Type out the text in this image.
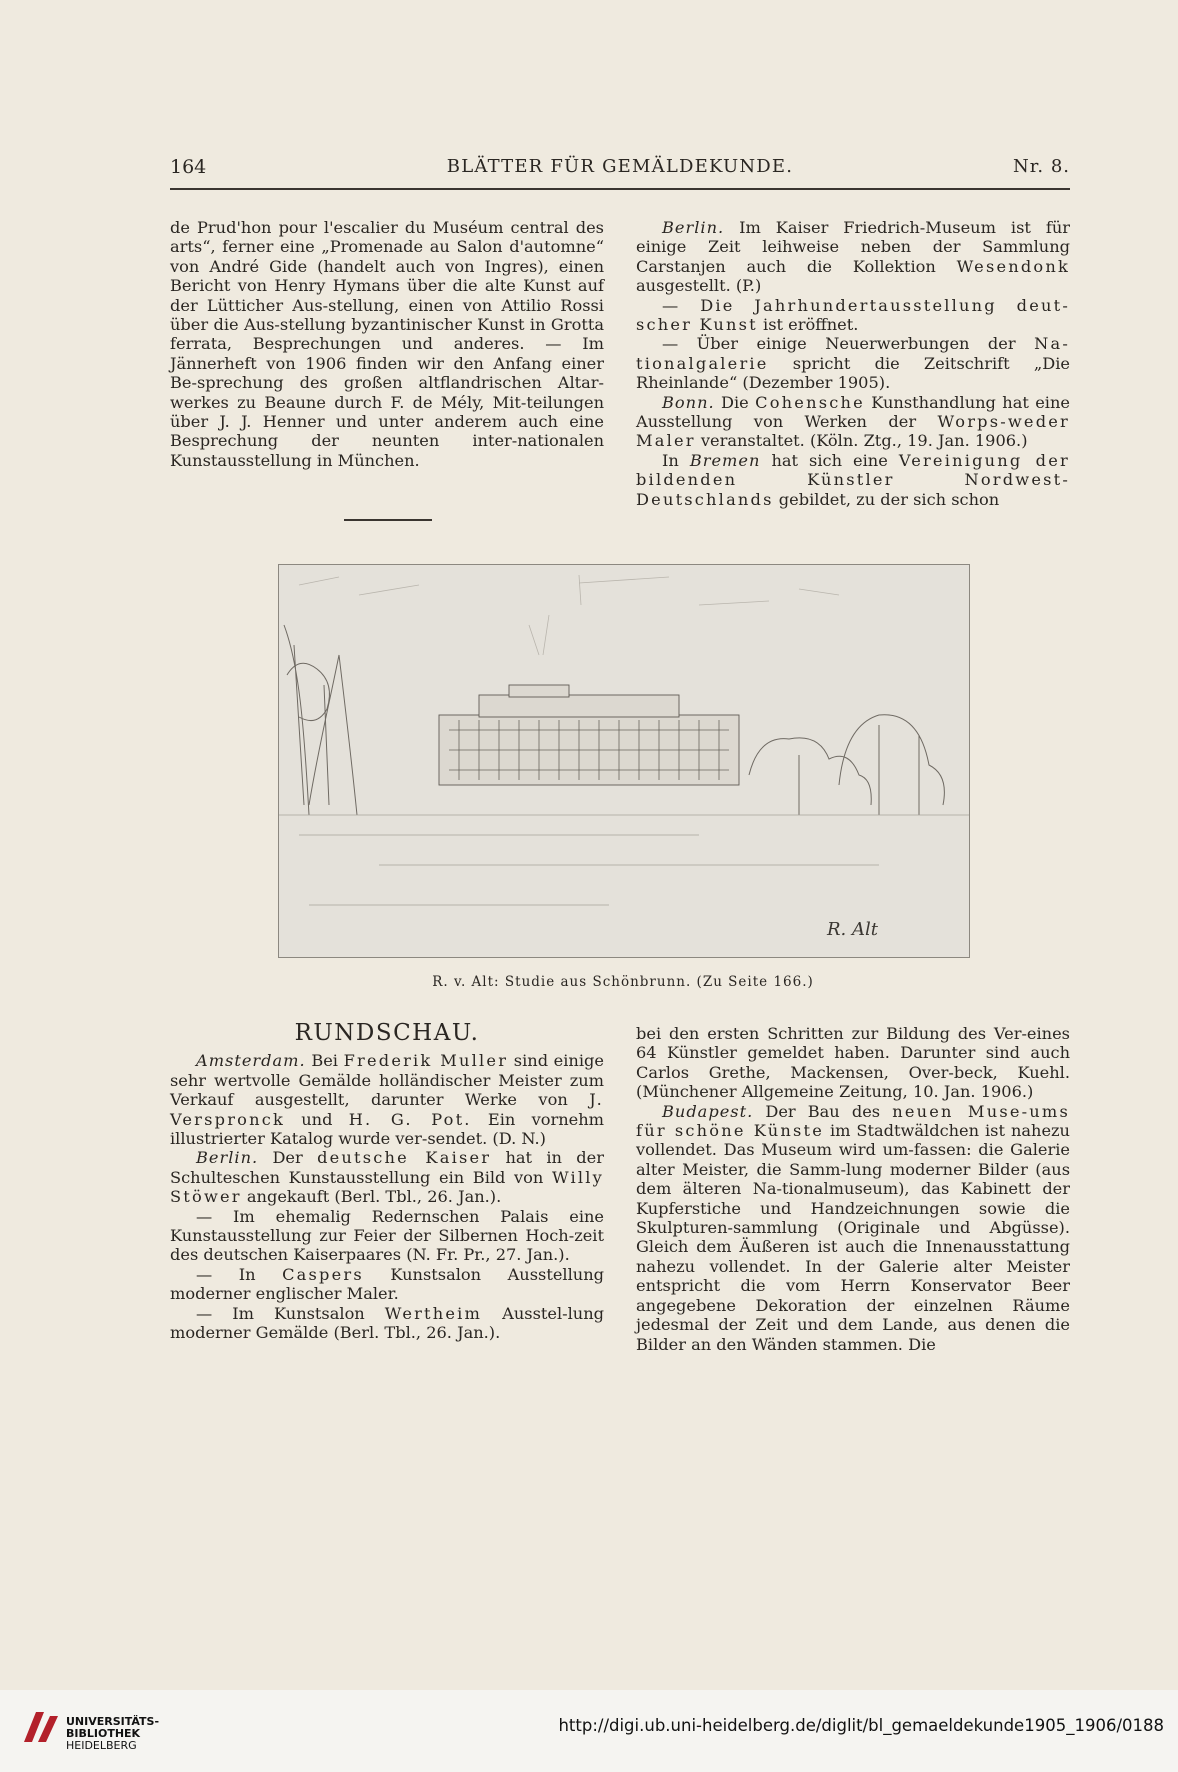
164	BLÄTTER FÜR GEMÄLDEKUNDE.	Nr. 8.

de Prud'hon pour l'escalier du Muséum central des arts“, ferner eine „Promenade au Salon d'automne“ von André Gide (handelt auch von Ingres), einen Bericht von Henry Hymans über die alte Kunst auf der Lütticher Aus-stellung, einen von Attilio Rossi über die Aus-stellung byzantinischer Kunst in Grotta ferrata, Besprechungen und anderes. — Im Jännerheft von 1906 finden wir den Anfang einer Be-sprechung des großen altflandrischen Altar-werkes zu Beaune durch F. de Mély, Mit-teilungen über J. J. Henner und unter anderem auch eine Besprechung der neunten inter-nationalen Kunstausstellung in München.

Berlin. Im Kaiser Friedrich-Museum ist für einige Zeit leihweise neben der Sammlung Carstanjen auch die Kollektion Wesendonk ausgestellt. (P.)

— Die Jahrhundertausstellung deut-scher Kunst ist eröffnet.

— Über einige Neuerwerbungen der Na-tionalgalerie spricht die Zeitschrift „Die Rheinlande“ (Dezember 1905).

Bonn. Die Cohensche Kunsthandlung hat eine Ausstellung von Werken der Worps-weder Maler veranstaltet. (Köln. Ztg., 19. Jan. 1906.)

In Bremen hat sich eine Vereinigung der bildenden Künstler Nordwest-Deutschlands gebildet, zu der sich schon

R. Alt
R. v. Alt: Studie aus Schönbrunn. (Zu Seite 166.)

RUNDSCHAU.

Amsterdam. Bei Frederik Muller sind einige sehr wertvolle Gemälde holländischer Meister zum Verkauf ausgestellt, darunter Werke von J. Verspronck und H. G. Pot. Ein vornehm illustrierter Katalog wurde ver-sendet. (D. N.)

Berlin. Der deutsche Kaiser hat in der Schulteschen Kunstausstellung ein Bild von Willy Stöwer angekauft (Berl. Tbl., 26. Jan.).

— Im ehemalig Redernschen Palais eine Kunstausstellung zur Feier der Silbernen Hoch-zeit des deutschen Kaiserpaares (N. Fr. Pr., 27. Jan.).

— In Caspers Kunstsalon Ausstellung moderner englischer Maler.

— Im Kunstsalon Wertheim Ausstel-lung moderner Gemälde (Berl. Tbl., 26. Jan.).

bei den ersten Schritten zur Bildung des Ver-eines 64 Künstler gemeldet haben. Darunter sind auch Carlos Grethe, Mackensen, Over-beck, Kuehl. (Münchener Allgemeine Zeitung, 10. Jan. 1906.)

Budapest. Der Bau des neuen Muse-ums für schöne Künste im Stadtwäldchen ist nahezu vollendet. Das Museum wird um-fassen: die Galerie alter Meister, die Samm-lung moderner Bilder (aus dem älteren Na-tionalmuseum), das Kabinett der Kupferstiche und Handzeichnungen sowie die Skulpturen-sammlung (Originale und Abgüsse). Gleich dem Äußeren ist auch die Innenausstattung nahezu vollendet. In der Galerie alter Meister entspricht die vom Herrn Konservator Beer angegebene Dekoration der einzelnen Räume jedesmal der Zeit und dem Lande, aus denen die Bilder an den Wänden stammen. Die

UNIVERSITÄTS-
BIBLIOTHEK
HEIDELBERG
http://digi.ub.uni-heidelberg.de/diglit/bl_gemaeldekunde1905_1906/0188
